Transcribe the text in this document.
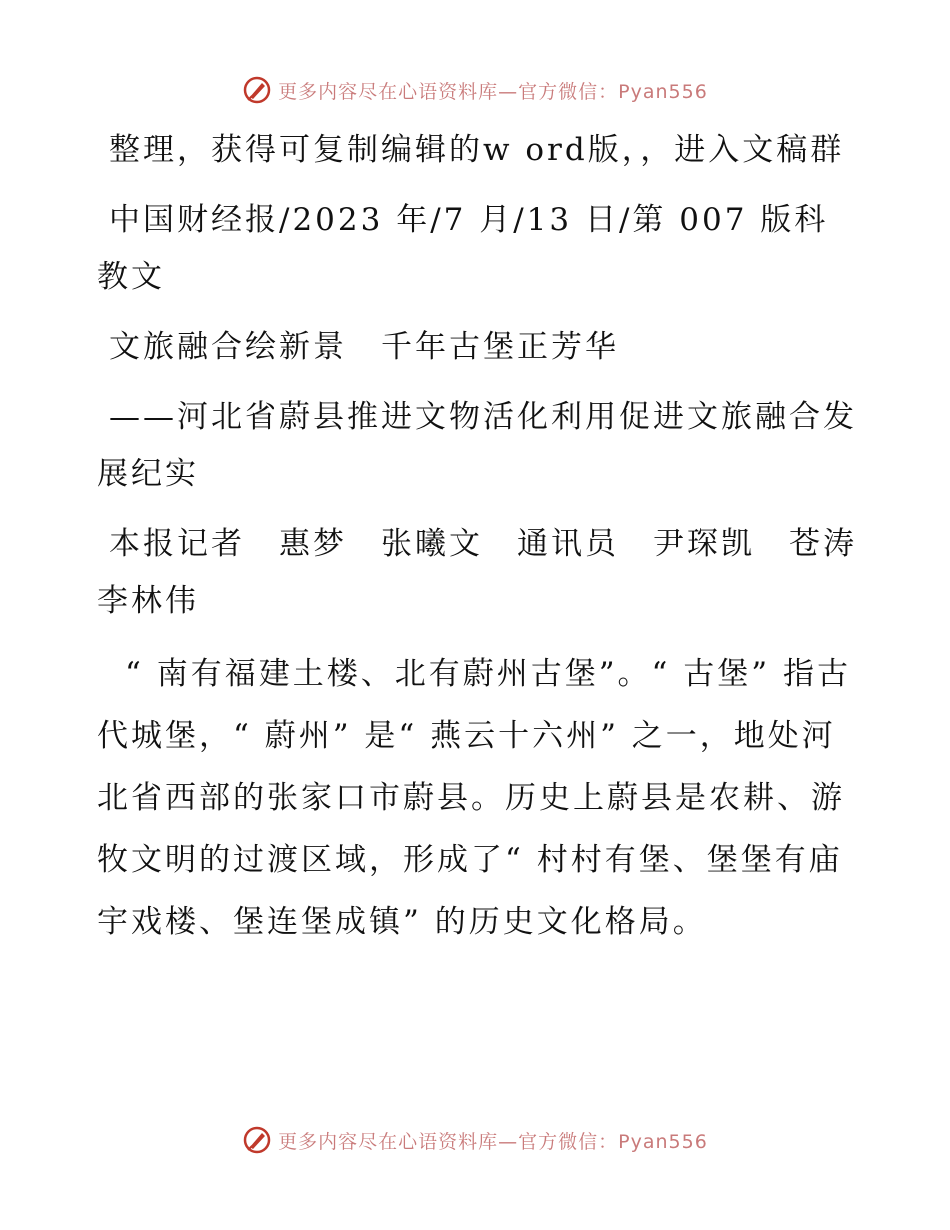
更多内容尽在心语资料库—官方微信：Pyan556

整理，获得可复制编辑的w ord版，，进入文稿群

中国财经报/2023 年/7 月/13 日/第 007 版科教文

文旅融合绘新景　千年古堡正芳华

——河北省蔚县推进文物活化利用促进文旅融合发展纪实

本报记者　惠梦　张曦文　通讯员　尹琛凯　苍涛　李林伟

“ 南有福建土楼、北有蔚州古堡”。“ 古堡” 指古代城堡，“ 蔚州” 是“ 燕云十六州” 之一，地处河北省西部的张家口市蔚县。历史上蔚县是农耕、游牧文明的过渡区域，形成了“ 村村有堡、堡堡有庙宇戏楼、堡连堡成镇” 的历史文化格局。

更多内容尽在心语资料库—官方微信：Pyan556
